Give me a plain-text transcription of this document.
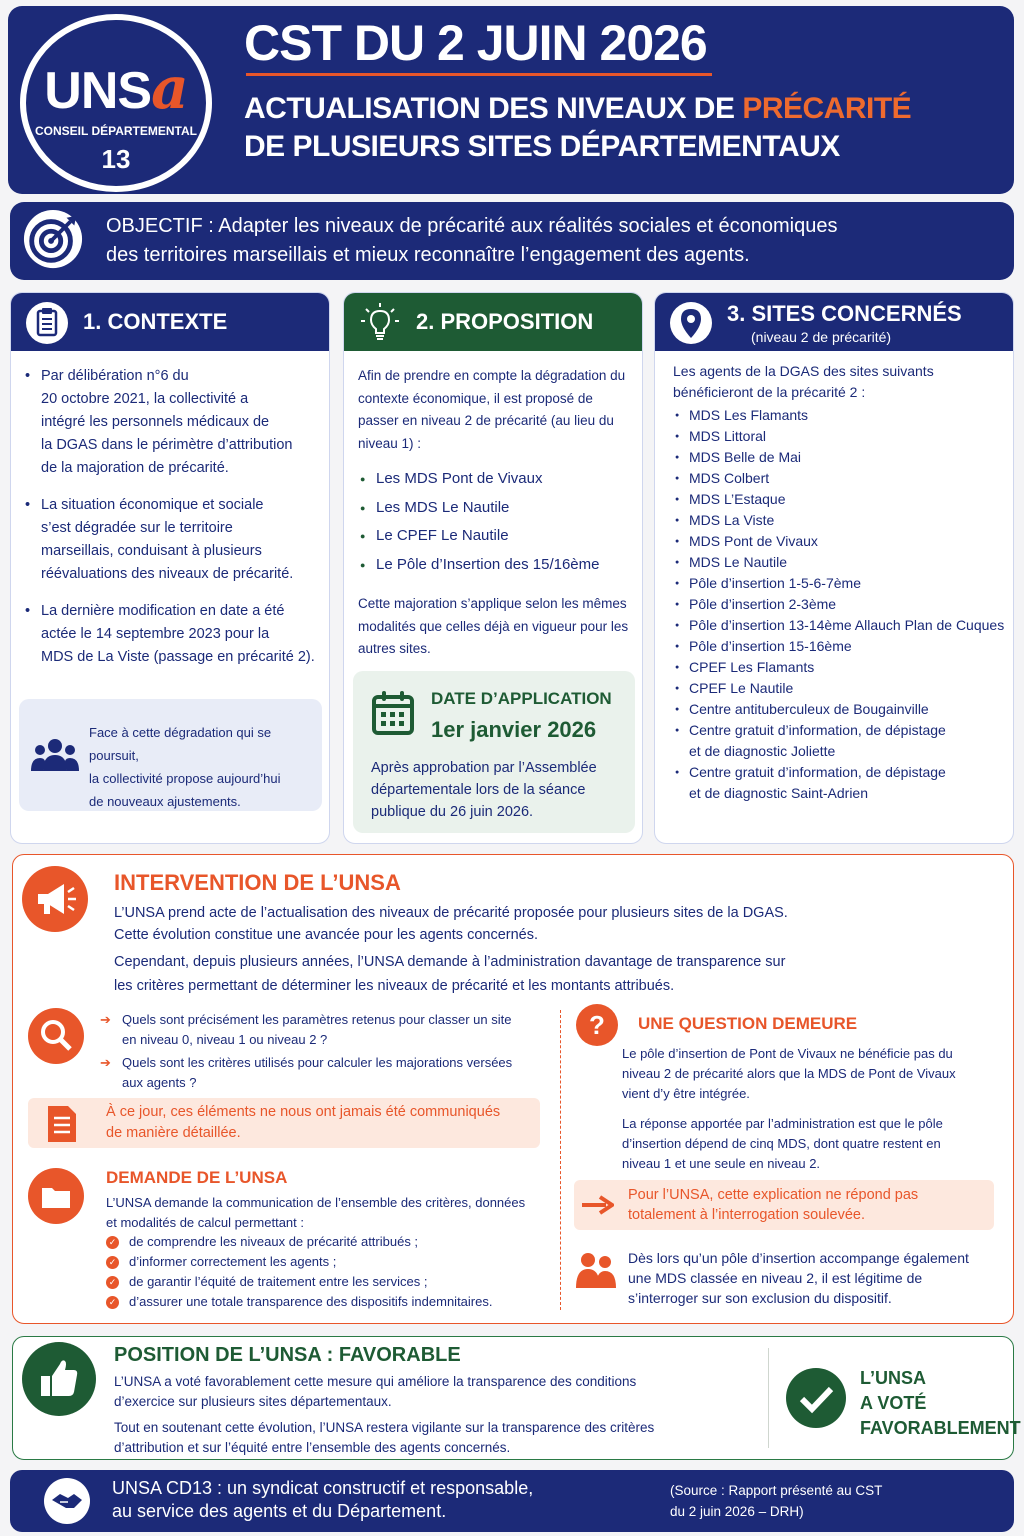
UNSa
CONSEIL DÉPARTEMENTAL
13
CST DU 2 JUIN 2026
ACTUALISATION DES NIVEAUX DE PRÉCARITÉ
DE PLUSIEURS SITES DÉPARTEMENTAUX
OBJECTIF : Adapter les niveaux de précarité aux réalités sociales et économiques
des territoires marseillais et mieux reconnaître l’engagement des agents.
1. CONTEXTE
• Par délibération n°6 du
20 octobre 2021, la collectivité a
intégré les personnels médicaux de
la DGAS dans le périmètre d’attribution
de la majoration de précarité.
• La situation économique et sociale
s’est dégradée sur le territoire
marseillais, conduisant à plusieurs
réévaluations des niveaux de précarité.
• La dernière modification en date a été
actée le 14 septembre 2023 pour la
MDS de La Viste (passage en précarité 2).
Face à cette dégradation qui se poursuit,
la collectivité propose aujourd’hui
de nouveaux ajustements.
2. PROPOSITION
Afin de prendre en compte la dégradation du
contexte économique, il est proposé de
passer en niveau 2 de précarité (au lieu du
niveau 1) :
● Les MDS Pont de Vivaux
● Les MDS Le Nautile
● Le CPEF Le Nautile
● Le Pôle d’Insertion des 15/16ème
Cette majoration s’applique selon les mêmes
modalités que celles déjà en vigueur pour les
autres sites.
DATE D’APPLICATION
1er janvier 2026
Après approbation par l’Assemblée
départementale lors de la séance
publique du 26 juin 2026.
3. SITES CONCERNÉS
(niveau 2 de précarité)
Les agents de la DGAS des sites suivants
bénéficieront de la précarité 2 :
● MDS Les Flamants
● MDS Littoral
● MDS Belle de Mai
● MDS Colbert
● MDS L’Estaque
● MDS La Viste
● MDS Pont de Vivaux
● MDS Le Nautile
● Pôle d’insertion 1-5-6-7ème
● Pôle d’insertion 2-3ème
● Pôle d’insertion 13-14ème Allauch Plan de Cuques
● Pôle d’insertion 15-16ème
● CPEF Les Flamants
● CPEF Le Nautile
● Centre antituberculeux de Bougainville
● Centre gratuit d’information, de dépistage
et de diagnostic Joliette
● Centre gratuit d’information, de dépistage
et de diagnostic Saint-Adrien
INTERVENTION DE L’UNSA
L’UNSA prend acte de l’actualisation des niveaux de précarité proposée pour plusieurs sites de la DGAS.
Cette évolution constitue une avancée pour les agents concernés.
Cependant, depuis plusieurs années, l’UNSA demande à l’administration davantage de transparence sur
les critères permettant de déterminer les niveaux de précarité et les montants attribués.
➔ Quels sont précisément les paramètres retenus pour classer un site
en niveau 0, niveau 1 ou niveau 2 ?
➔ Quels sont les critères utilisés pour calculer les majorations versées
aux agents ?
À ce jour, ces éléments ne nous ont jamais été communiqués
de manière détaillée.
DEMANDE DE L’UNSA
L’UNSA demande la communication de l’ensemble des critères, données
et modalités de calcul permettant :
✓ de comprendre les niveaux de précarité attribués ;
✓ d’informer correctement les agents ;
✓ de garantir l’équité de traitement entre les services ;
✓ d’assurer une totale transparence des dispositifs indemnitaires.
? UNE QUESTION DEMEURE
Le pôle d’insertion de Pont de Vivaux ne bénéficie pas du
niveau 2 de précarité alors que la MDS de Pont de Vivaux
vient d’y être intégrée.
La réponse apportée par l’administration est que le pôle
d’insertion dépend de cinq MDS, dont quatre restent en
niveau 1 et une seule en niveau 2.
Pour l’UNSA, cette explication ne répond pas
totalement à l’interrogation soulevée.
Dès lors qu’un pôle d’insertion accompange également
une MDS classée en niveau 2, il est légitime de
s’interroger sur son exclusion du dispositif.
POSITION DE L’UNSA : FAVORABLE
L’UNSA a voté favorablement cette mesure qui améliore la transparence des conditions
d’exercice sur plusieurs sites départementaux.
Tout en soutenant cette évolution, l’UNSA restera vigilante sur la transparence des critères
d’attribution et sur l’équité entre l’ensemble des agents concernés.
L’UNSA
A VOTÉ
FAVORABLEMENT
UNSA CD13 : un syndicat constructif et responsable,
au service des agents et du Département.
(Source : Rapport présenté au CST
du 2 juin 2026 – DRH)
